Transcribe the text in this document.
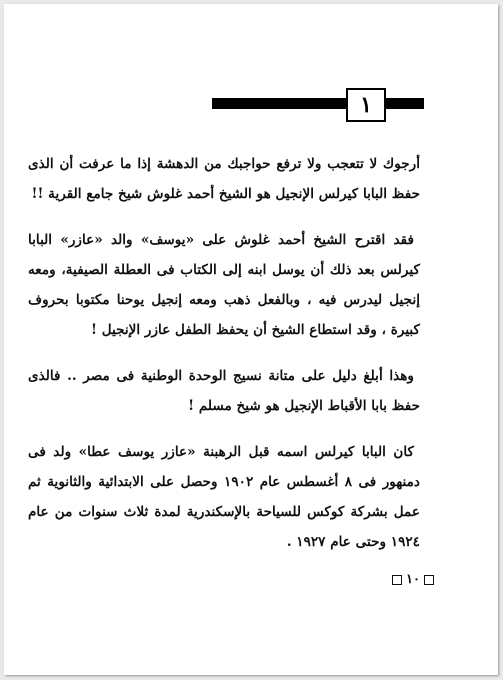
١

أرجوك لا تتعجب ولا ترفع حواجبك من الدهشة إذا ما عرفت أن الذى حفظ البابا كيرلس الإنجيل هو الشيخ أحمد غلوش شيخ جامع القرية !!

فقد اقترح الشيخ أحمد غلوش على «يوسف» والد «عازر» البابا كيرلس بعد ذلك أن يوسل ابنه إلى الكتاب فى العطلة الصيفية، ومعه إنجيل ليدرس فيه ، وبالفعل ذهب ومعه إنجيل يوحنا مكتوبا بحروف كبيرة ، وقد استطاع الشيخ أن يحفظ الطفل عازر الإنجيل !

وهذا أبلغ دليل على متانة نسيج الوحدة الوطنية فى مصر .. فالذى حفظ بابا الأقباط الإنجيل هو شيخ مسلم !

كان البابا كيرلس اسمه قبل الرهبنة «عازر يوسف عطا» ولد فى دمنهور فى ٨ أغسطس عام ١٩٠٢ وحصل على الابتدائية والثانوية ثم عمل بشركة كوكس للسياحة بالإسكندرية لمدة ثلاث سنوات من عام ١٩٢٤ وحتى عام ١٩٢٧ .

١٠
